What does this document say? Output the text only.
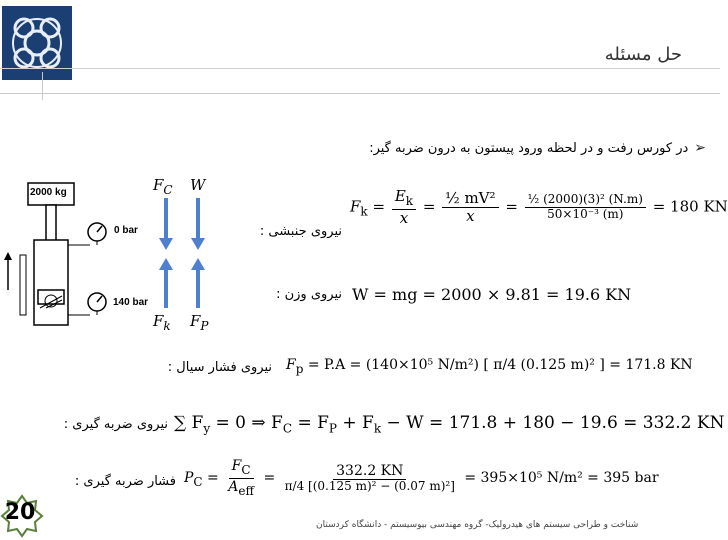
حل مسئله
➢
در کورس رفت و در لحظه ورود پیستون به درون ضربه گیر:
2000 kg
0 bar
140 bar
$F_C$ W
$F_k$ $F_P$
نیروی جنبشی :
$F_k = \frac{E_k}{x} = \frac{\text{½ mV²}}{x} = \frac{\text{½ (2000)(3)² (N.m)}}{\text{50×10⁻³ (m)}} = 180$ KN
نیروی وزن : W = mg = 2000 × 9.81 = 19.6 KN
نیروی فشار سیال : $F_p = P.A = (140\times 10^5$ N/m²) [ π/4 (0.125 m)² ] = 171.8 KN
نیروی ضربه گیری : ∑ $F_y = 0$ ⇒ $F_C = F_P + F_k - W = 171.8 + 180 - 19.6 = 332.2$ KN
فشار ضربه گیری : $P_C = \frac{F_C}{A_{eff}} = \frac{332.2 KN}{\text{π/4 [(0.125 m)² − (0.07 m)²]}} = 395\times 10^5$ N/m² = 395 bar
20	شناخت و طراحی سیستم های هیدرولیک- گروه مهندسی بیوسیستم - دانشگاه کردستان
